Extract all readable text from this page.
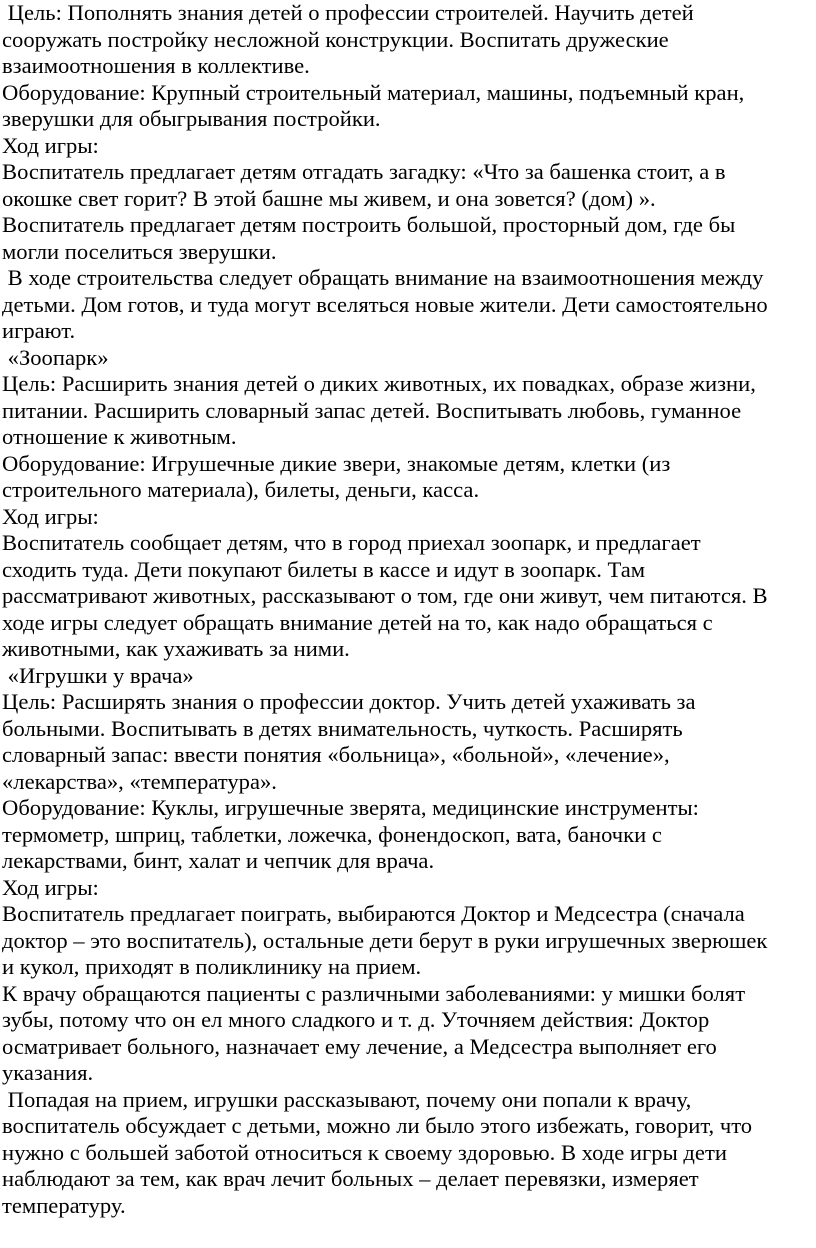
Цель: Пополнять знания детей о профессии строителей. Научить детей
сооружать постройку несложной конструкции. Воспитать дружеские
взаимоотношения в коллективе.
Оборудование: Крупный строительный материал, машины, подъемный кран,
зверушки для обыгрывания постройки.
Ход игры:
Воспитатель предлагает детям отгадать загадку: «Что за башенка стоит, а в
окошке свет горит? В этой башне мы живем, и она зовется? (дом) ».
Воспитатель предлагает детям построить большой, просторный дом, где бы
могли поселиться зверушки.
В ходе строительства следует обращать внимание на взаимоотношения между
детьми. Дом готов, и туда могут вселяться новые жители. Дети самостоятельно
играют.
«Зоопарк»
Цель: Расширить знания детей о диких животных, их повадках, образе жизни,
питании. Расширить словарный запас детей. Воспитывать любовь, гуманное
отношение к животным.
Оборудование: Игрушечные дикие звери, знакомые детям, клетки (из
строительного материала), билеты, деньги, касса.
Ход игры:
Воспитатель сообщает детям, что в город приехал зоопарк, и предлагает
сходить туда. Дети покупают билеты в кассе и идут в зоопарк. Там
рассматривают животных, рассказывают о том, где они живут, чем питаются. В
ходе игры следует обращать внимание детей на то, как надо обращаться с
животными, как ухаживать за ними.
«Игрушки у врача»
Цель: Расширять знания о профессии доктор. Учить детей ухаживать за
больными. Воспитывать в детях внимательность, чуткость. Расширять
словарный запас: ввести понятия «больница», «больной», «лечение»,
«лекарства», «температура».
Оборудование: Куклы, игрушечные зверята, медицинские инструменты:
термометр, шприц, таблетки, ложечка, фонендоскоп, вата, баночки с
лекарствами, бинт, халат и чепчик для врача.
Ход игры:
Воспитатель предлагает поиграть, выбираются Доктор и Медсестра (сначала
доктор – это воспитатель), остальные дети берут в руки игрушечных зверюшек
и кукол, приходят в поликлинику на прием.
К врачу обращаются пациенты с различными заболеваниями: у мишки болят
зубы, потому что он ел много сладкого и т. д. Уточняем действия: Доктор
осматривает больного, назначает ему лечение, а Медсестра выполняет его
указания.
Попадая на прием, игрушки рассказывают, почему они попали к врачу,
воспитатель обсуждает с детьми, можно ли было этого избежать, говорит, что
нужно с большей заботой относиться к своему здоровью. В ходе игры дети
наблюдают за тем, как врач лечит больных – делает перевязки, измеряет
температуру.
